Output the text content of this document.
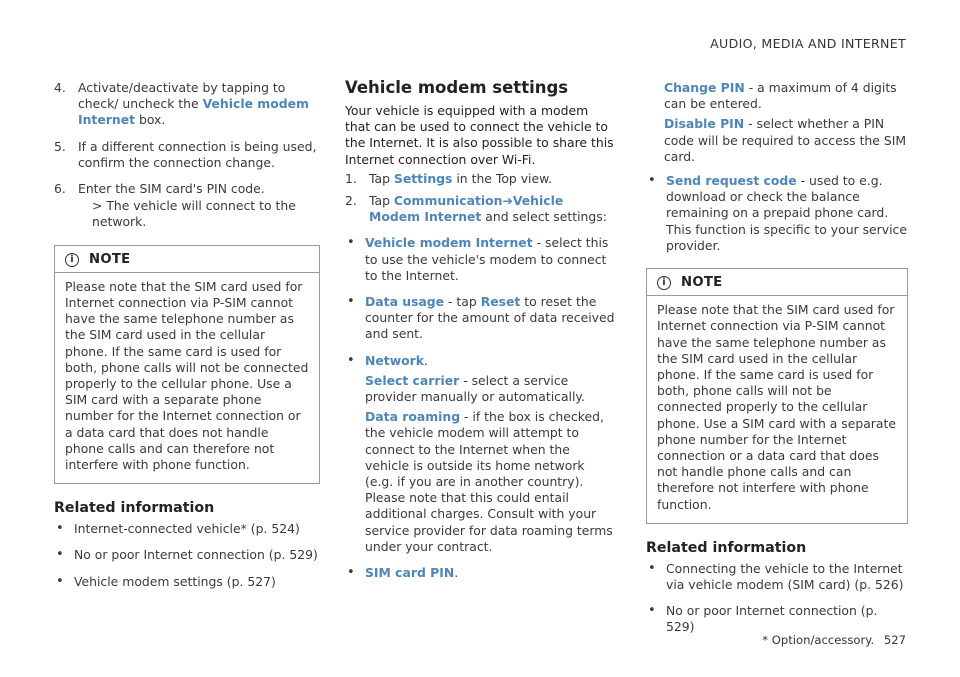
AUDIO, MEDIA AND INTERNET
4. Activate/deactivate by tapping to check/ uncheck the Vehicle modem Internet box.
5. If a different connection is being used, confirm the connection change.
6. Enter the SIM card's PIN code.
> The vehicle will connect to the network.
i	NOTE
Please note that the SIM card used for Internet connection via P-SIM cannot have the same telephone number as the SIM card used in the cellular phone. If the same card is used for both, phone calls will not be connected properly to the cellular phone. Use a SIM card with a separate phone number for the Internet connection or a data card that does not handle phone calls and can therefore not interfere with phone function.
Related information
• Internet-connected vehicle* (p. 524)
• No or poor Internet connection (p. 529)
• Vehicle modem settings (p. 527)
Vehicle modem settings

Your vehicle is equipped with a modem that can be used to connect the vehicle to the Internet. It is also possible to share this Internet connection over Wi-Fi.

1. Tap Settings in the Top view.
2. Tap Communication➔Vehicle Modem Internet and select settings:
• Vehicle modem Internet - select this to use the vehicle's modem to connect to the Internet.
• Data usage - tap Reset to reset the counter for the amount of data received and sent.
• Network.
Select carrier - select a service provider manually or automatically.
Data roaming - if the box is checked, the vehicle modem will attempt to connect to the Internet when the vehicle is outside its home network (e.g. if you are in another country). Please note that this could entail additional charges. Consult with your service provider for data roaming terms under your contract.
• SIM card PIN.
Change PIN - a maximum of 4 digits can be entered.
Disable PIN - select whether a PIN code will be required to access the SIM card.
• Send request code - used to e.g. download or check the balance remaining on a prepaid phone card. This function is specific to your service provider.
i	NOTE
Please note that the SIM card used for Internet connection via P-SIM cannot have the same telephone number as the SIM card used in the cellular phone. If the same card is used for both, phone calls will not be connected properly to the cellular phone. Use a SIM card with a separate phone number for the Internet connection or a data card that does not handle phone calls and can therefore not interfere with phone function.
Related information
• Connecting the vehicle to the Internet via vehicle modem (SIM card) (p. 526)
• No or poor Internet connection (p. 529)
* Option/accessory. 527
